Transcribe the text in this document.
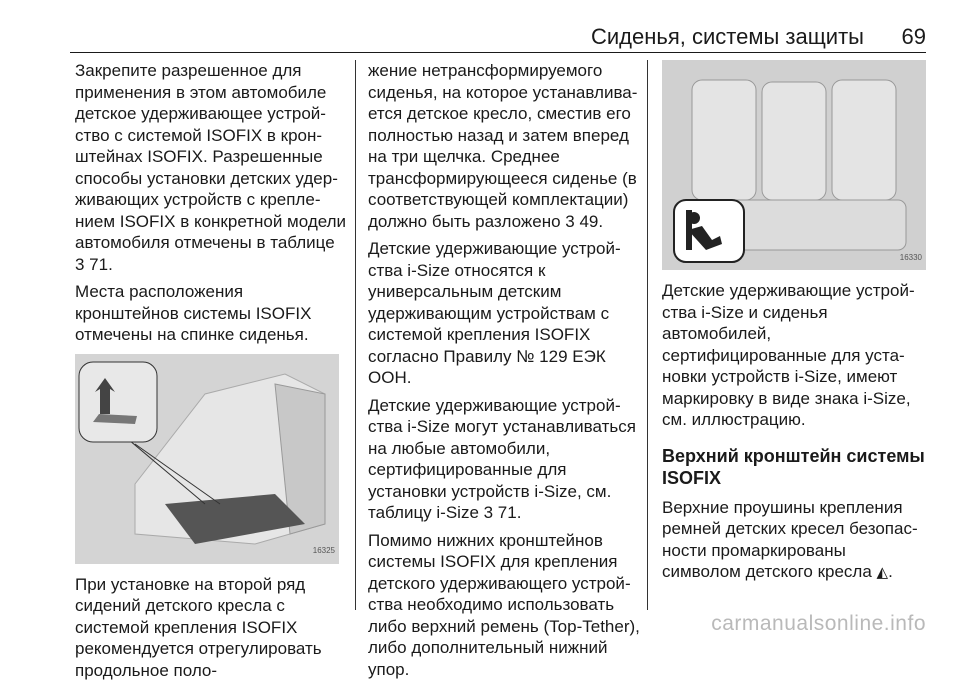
Сиденья, системы защиты 69

Закрепите разрешенное для применения в этом автомобиле детское удерживающее устройство с системой ISOFIX в кронштейнах ISOFIX. Разрешенные способы установки детских удерживающих устройств с креплением ISOFIX в конкретной модели автомобиля отмечены в таблице
3 71.

Места расположения кронштейнов системы ISOFIX отмечены на спинке сиденья.

16325

При установке на второй ряд сидений детского кресла с системой крепления ISOFIX рекомендуется отрегулировать продольное поло-

жение нетрансформируемого сиденья, на которое устанавливается детское кресло, сместив его полностью назад и затем вперед на три щелчка. Среднее трансформирующееся сиденье (в соответствующей комплектации) должно быть разложено 3 49.

Детские удерживающие устройства i-Size относятся к универсальным детским удерживающим устройствам с системой крепления ISOFIX согласно Правилу № 129 ЕЭК ООН.

Детские удерживающие устройства i-Size могут устанавливаться на любые автомобили, сертифицированные для установки устройств i-Size, см. таблицу i-Size 3 71.

Помимо нижних кронштейнов системы ISOFIX для крепления детского удерживающего устройства необходимо использовать либо верхний ремень (Top-Tether), либо дополнительный нижний упор.

16330

Детские удерживающие устройства i-Size и сиденья автомобилей, сертифицированные для установки устройств i-Size, имеют маркировку в виде знака i-Size, см. иллюстрацию.

Верхний кронштейн системы ISOFIX

Верхние проушины крепления ремней детских кресел безопасности промаркированы символом детского кресла ◭.

carmanualsonline.info
